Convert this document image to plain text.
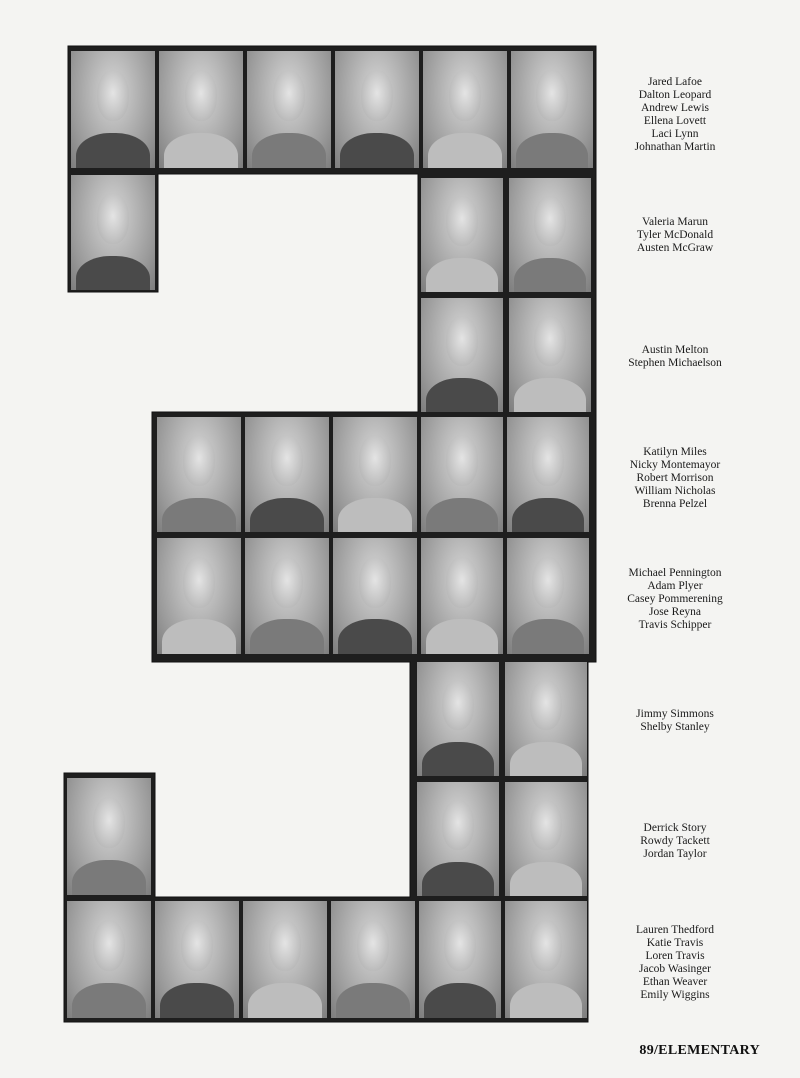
Jared Lafoe
Dalton Leopard
Andrew Lewis
Ellena Lovett
Laci Lynn
Johnathan Martin
Valeria Marun
Tyler McDonald
Austen McGraw
Austin Melton
Stephen Michaelson
Katilyn Miles
Nicky Montemayor
Robert Morrison
William Nicholas
Brenna Pelzel
Michael Pennington
Adam Plyer
Casey Pommerening
Jose Reyna
Travis Schipper
Jimmy Simmons
Shelby Stanley
Derrick Story
Rowdy Tackett
Jordan Taylor
Lauren Thedford
Katie Travis
Loren Travis
Jacob Wasinger
Ethan Weaver
Emily Wiggins
89/ELEMENTARY
